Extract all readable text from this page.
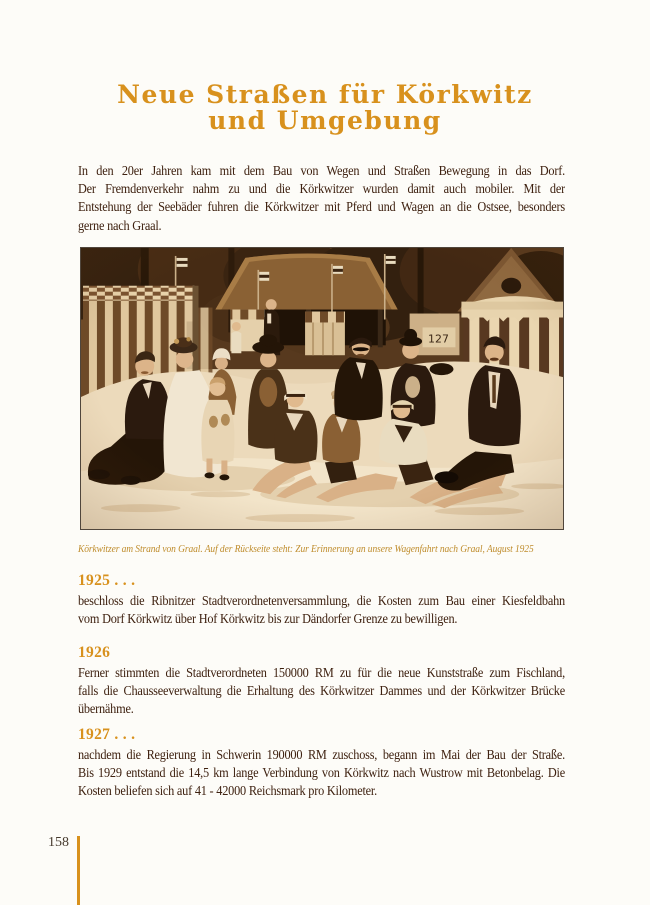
Neue Straßen für Körkwitz
und Umgebung

In den 20er Jahren kam mit dem Bau von Wegen und Straßen Bewegung in das Dorf.
Der Fremdenverkehr nahm zu und die Körkwitzer wurden damit auch mobiler. Mit der
Entstehung der Seebäder fuhren die Körkwitzer mit Pferd und Wagen an die Ostsee, besonders
gerne nach Graal.

Körkwitzer am Strand von Graal. Auf der Rückseite steht: Zur Erinnerung an unsere Wagenfahrt nach Graal, August 1925

1925 . . .

beschloss die Ribnitzer Stadtverordnetenversammlung, die Kosten zum Bau einer Kiesfeldbahn
vom Dorf Körkwitz über Hof Körkwitz bis zur Dändorfer Grenze zu bewilligen.

1926

Ferner stimmten die Stadtverordneten 150000 RM zu für die neue Kunststraße zum Fischland,
falls die Chausseeverwaltung die Erhaltung des Körkwitzer Dammes und der Körkwitzer Brücke
übernähme.

1927 . . .

nachdem die Regierung in Schwerin 190000 RM zuschoss, begann im Mai der Bau der Straße.
Bis 1929 entstand die 14,5 km lange Verbindung von Körkwitz nach Wustrow mit Betonbelag. Die
Kosten beliefen sich auf 41 - 42000 Reichsmark pro Kilometer.

158
